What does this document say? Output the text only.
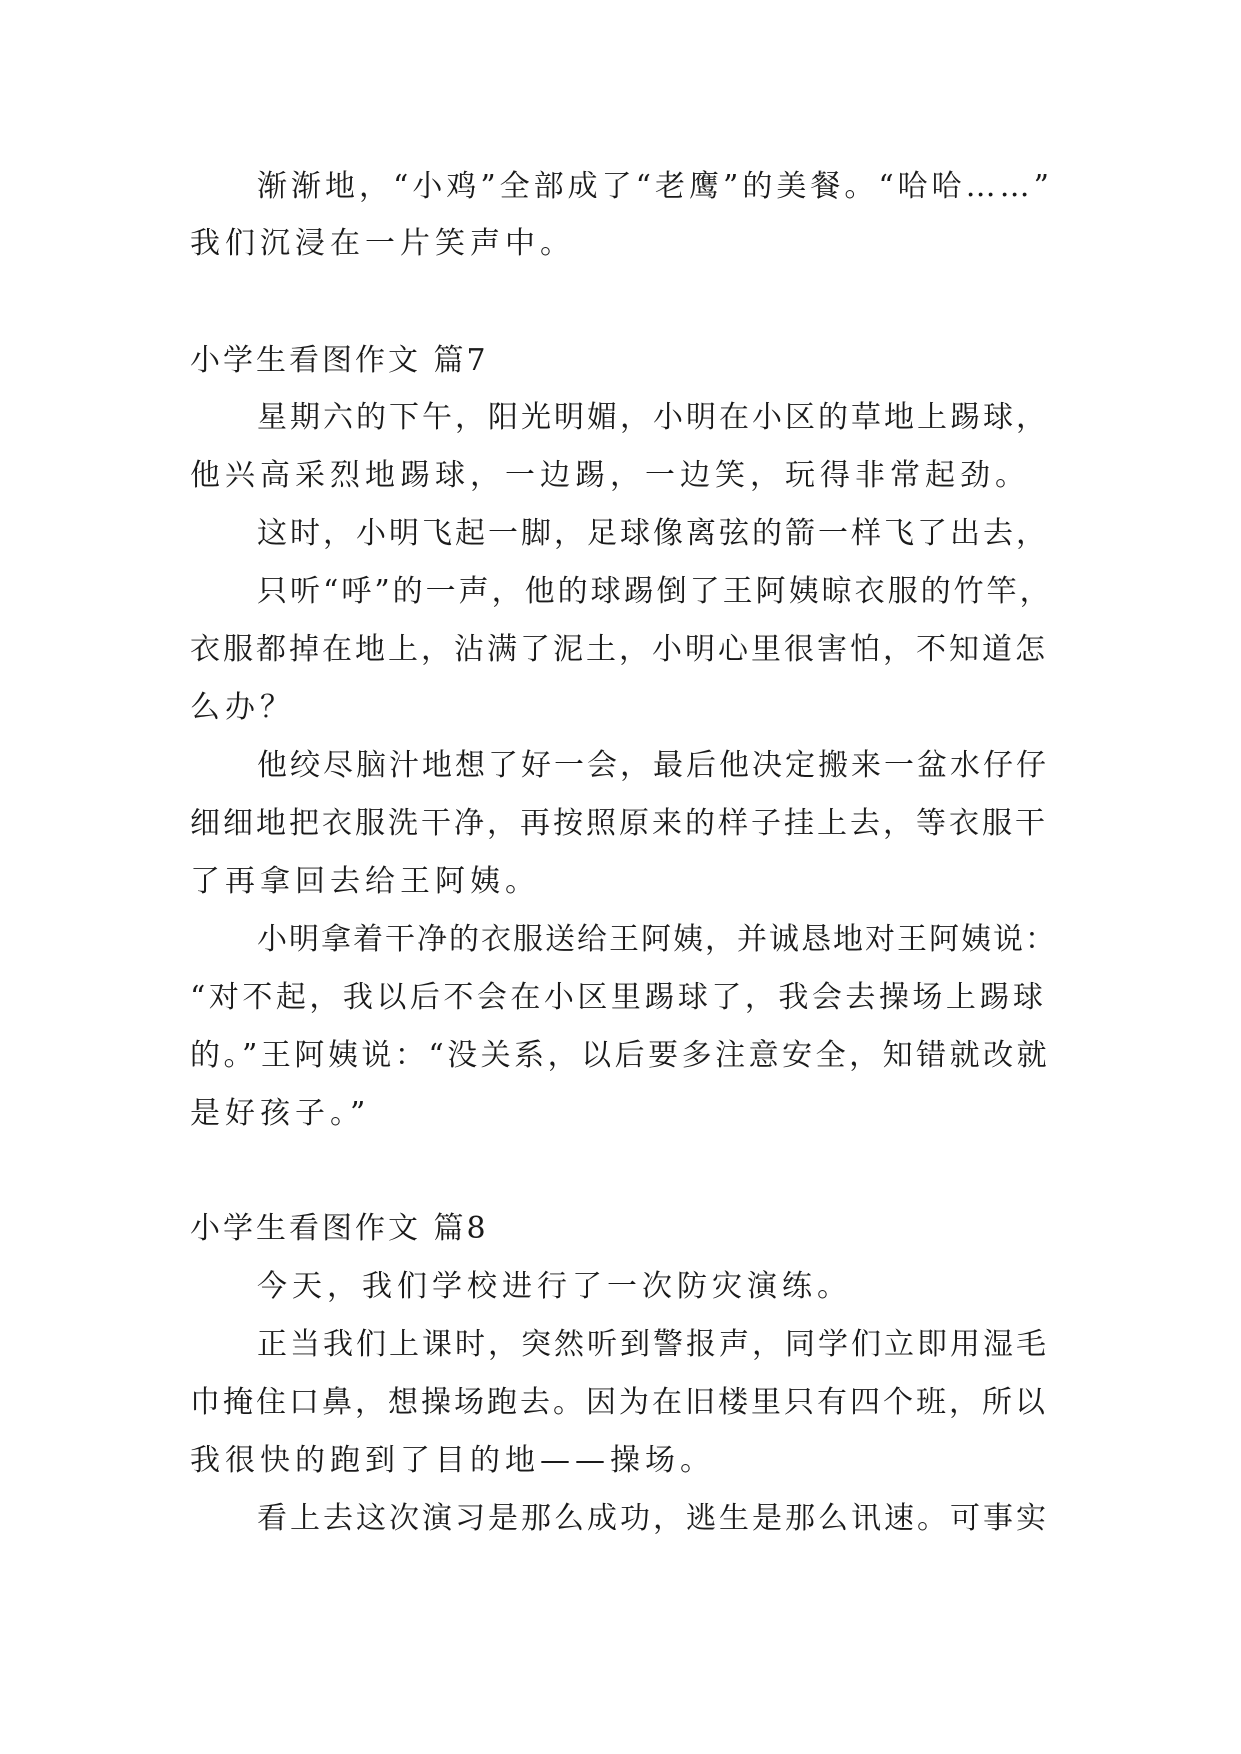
渐渐地，“小鸡”全部成了“老鹰”的美餐。“哈哈……”
我们沉浸在一片笑声中。
小学生看图作文 篇7
星期六的下午，阳光明媚，小明在小区的草地上踢球，
他兴高采烈地踢球，一边踢，一边笑，玩得非常起劲。
这时，小明飞起一脚，足球像离弦的箭一样飞了出去，
只听“呼”的一声，他的球踢倒了王阿姨晾衣服的竹竿，
衣服都掉在地上，沾满了泥土，小明心里很害怕，不知道怎
么办？
他绞尽脑汁地想了好一会，最后他决定搬来一盆水仔仔
细细地把衣服洗干净，再按照原来的样子挂上去，等衣服干
了再拿回去给王阿姨。
小明拿着干净的衣服送给王阿姨，并诚恳地对王阿姨说：
“对不起，我以后不会在小区里踢球了，我会去操场上踢球
的。”王阿姨说：“没关系，以后要多注意安全，知错就改就
是好孩子。”
小学生看图作文 篇8
今天，我们学校进行了一次防灾演练。
正当我们上课时，突然听到警报声，同学们立即用湿毛
巾掩住口鼻，想操场跑去。因为在旧楼里只有四个班，所以
我很快的跑到了目的地——操场。
看上去这次演习是那么成功，逃生是那么讯速。可事实
